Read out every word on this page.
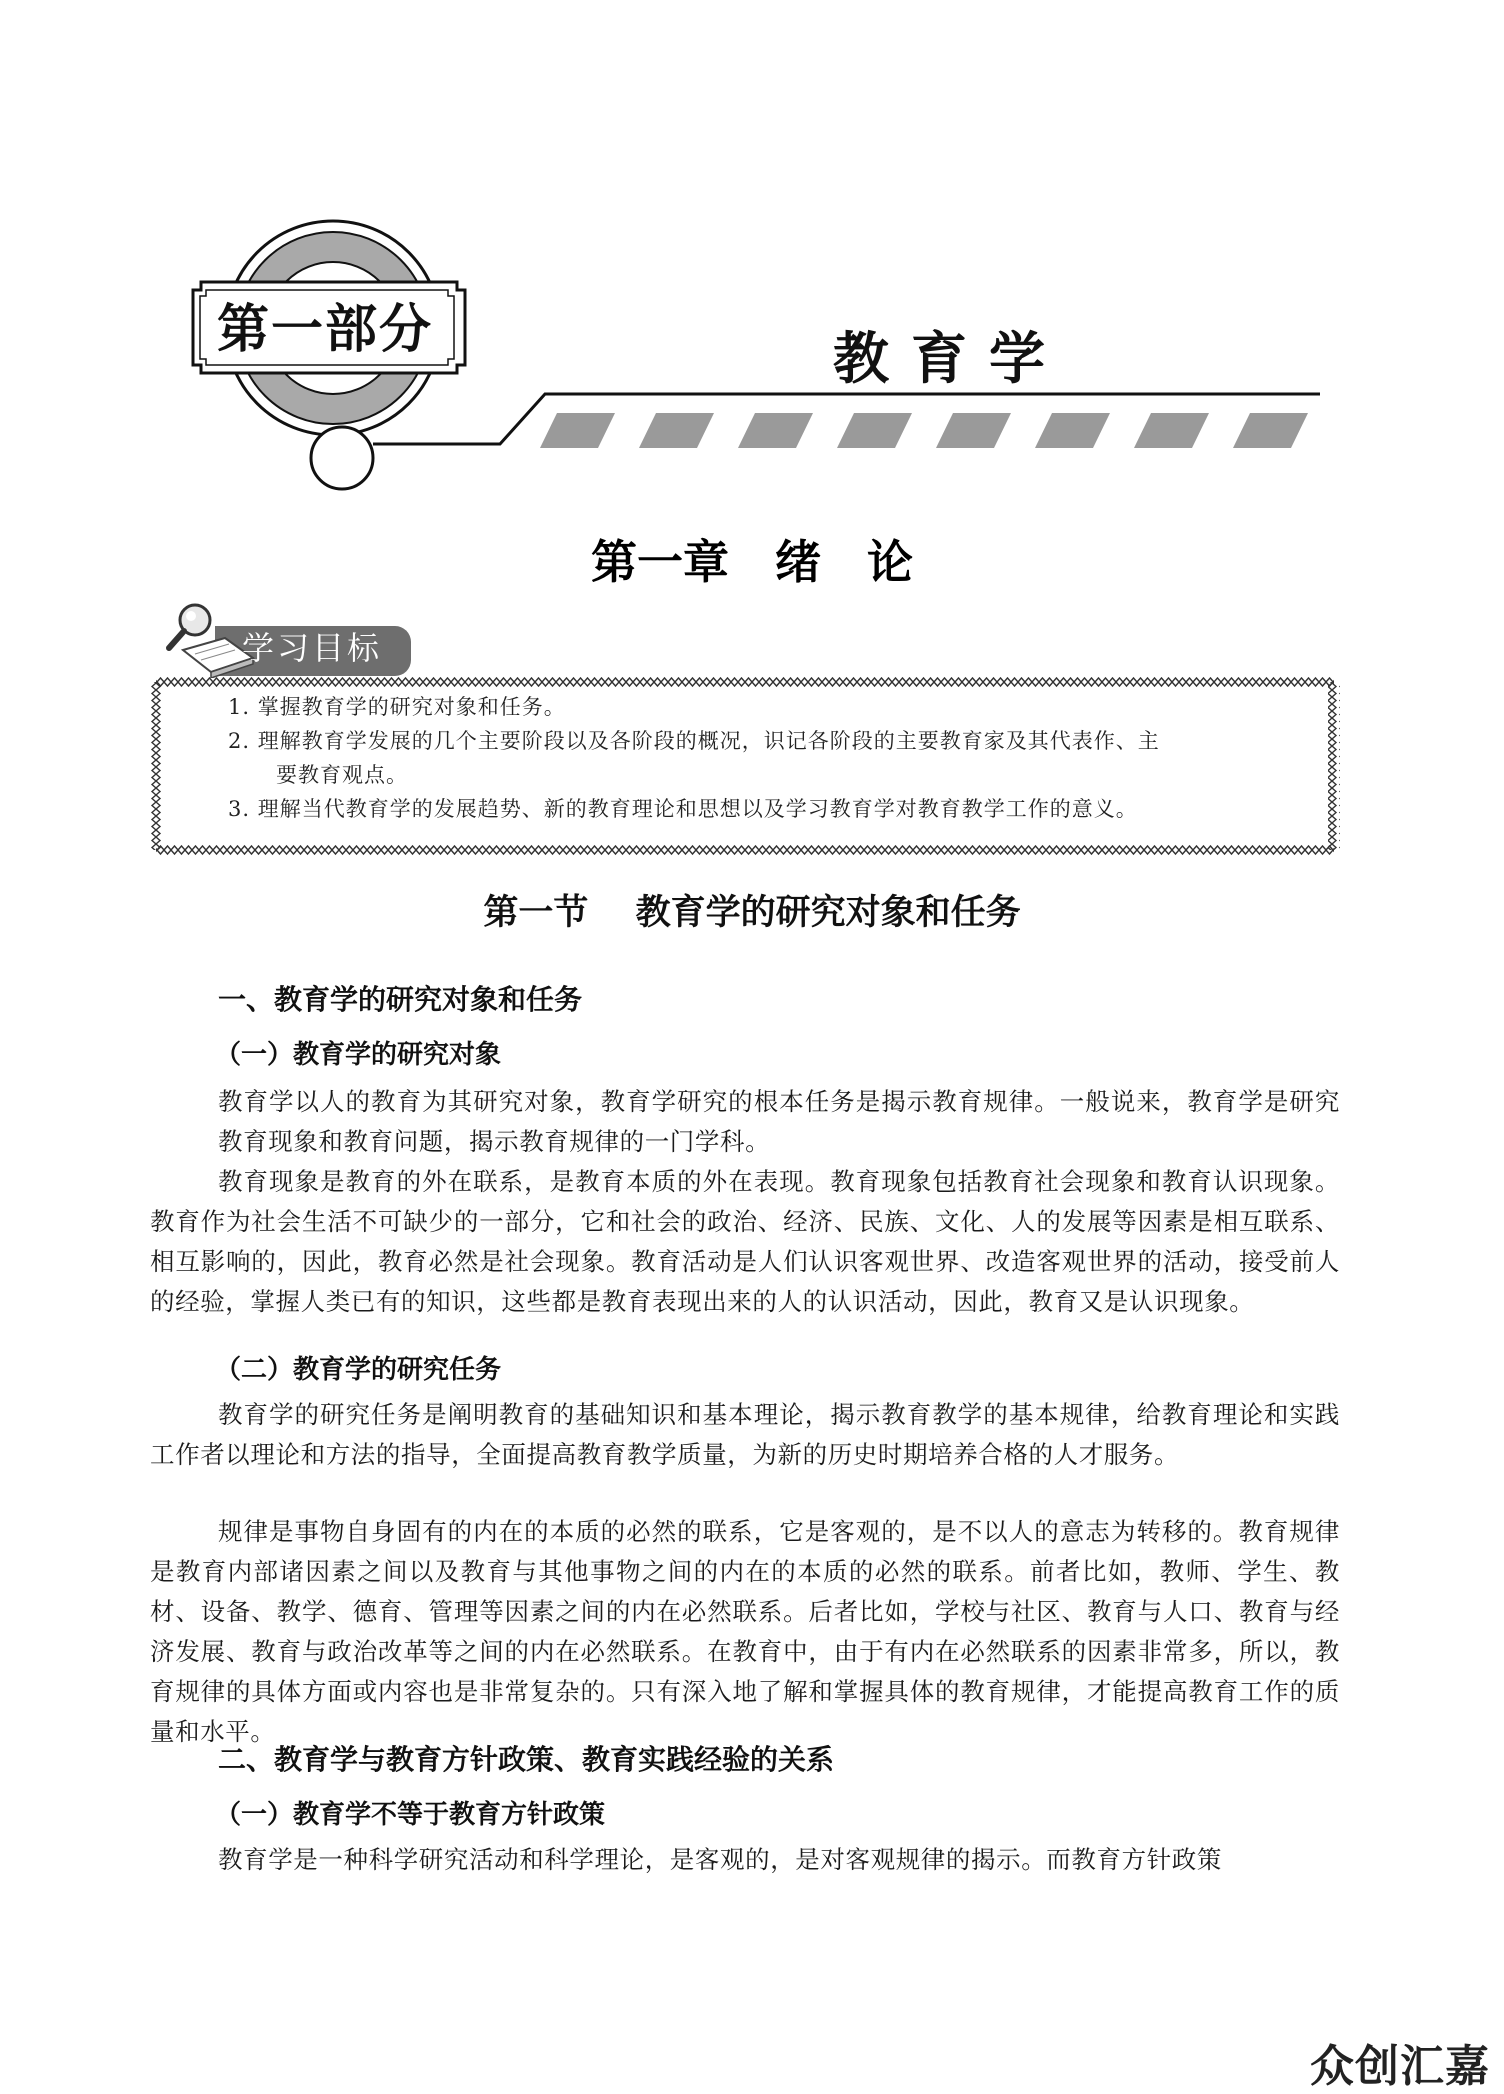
第一部分	教育学
第一章　绪　论
学习目标
1. 掌握教育学的研究对象和任务。
2. 理解教育学发展的几个主要阶段以及各阶段的概况，识记各阶段的主要教育家及其代表作、主
要教育观点。
3. 理解当代教育学的发展趋势、新的教育理论和思想以及学习教育学对教育教学工作的意义。
第一节　 教育学的研究对象和任务
一、教育学的研究对象和任务
（一）教育学的研究对象
教育学以人的教育为其研究对象，教育学研究的根本任务是揭示教育规律。一般说来，教育学是研究教育现象和教育问题，揭示教育规律的一门学科。
教育现象是教育的外在联系，是教育本质的外在表现。教育现象包括教育社会现象和教育认识现象。教育作为社会生活不可缺少的一部分，它和社会的政治、经济、民族、文化、人的发展等因素是相互联系、相互影响的，因此，教育必然是社会现象。教育活动是人们认识客观世界、改造客观世界的活动，接受前人的经验，掌握人类已有的知识，这些都是教育表现出来的人的认识活动，因此，教育又是认识现象。
（二）教育学的研究任务
教育学的研究任务是阐明教育的基础知识和基本理论，揭示教育教学的基本规律，给教育理论和实践工作者以理论和方法的指导，全面提高教育教学质量，为新的历史时期培养合格的人才服务。
规律是事物自身固有的内在的本质的必然的联系，它是客观的，是不以人的意志为转移的。教育规律是教育内部诸因素之间以及教育与其他事物之间的内在的本质的必然的联系。前者比如，教师、学生、教材、设备、教学、德育、管理等因素之间的内在必然联系。后者比如，学校与社区、教育与人口、教育与经济发展、教育与政治改革等之间的内在必然联系。在教育中，由于有内在必然联系的因素非常多，所以，教育规律的具体方面或内容也是非常复杂的。只有深入地了解和掌握具体的教育规律，才能提高教育工作的质量和水平。
二、教育学与教育方针政策、教育实践经验的关系
（一）教育学不等于教育方针政策
教育学是一种科学研究活动和科学理论，是客观的，是对客观规律的揭示。而教育方针政策
众创汇嘉
